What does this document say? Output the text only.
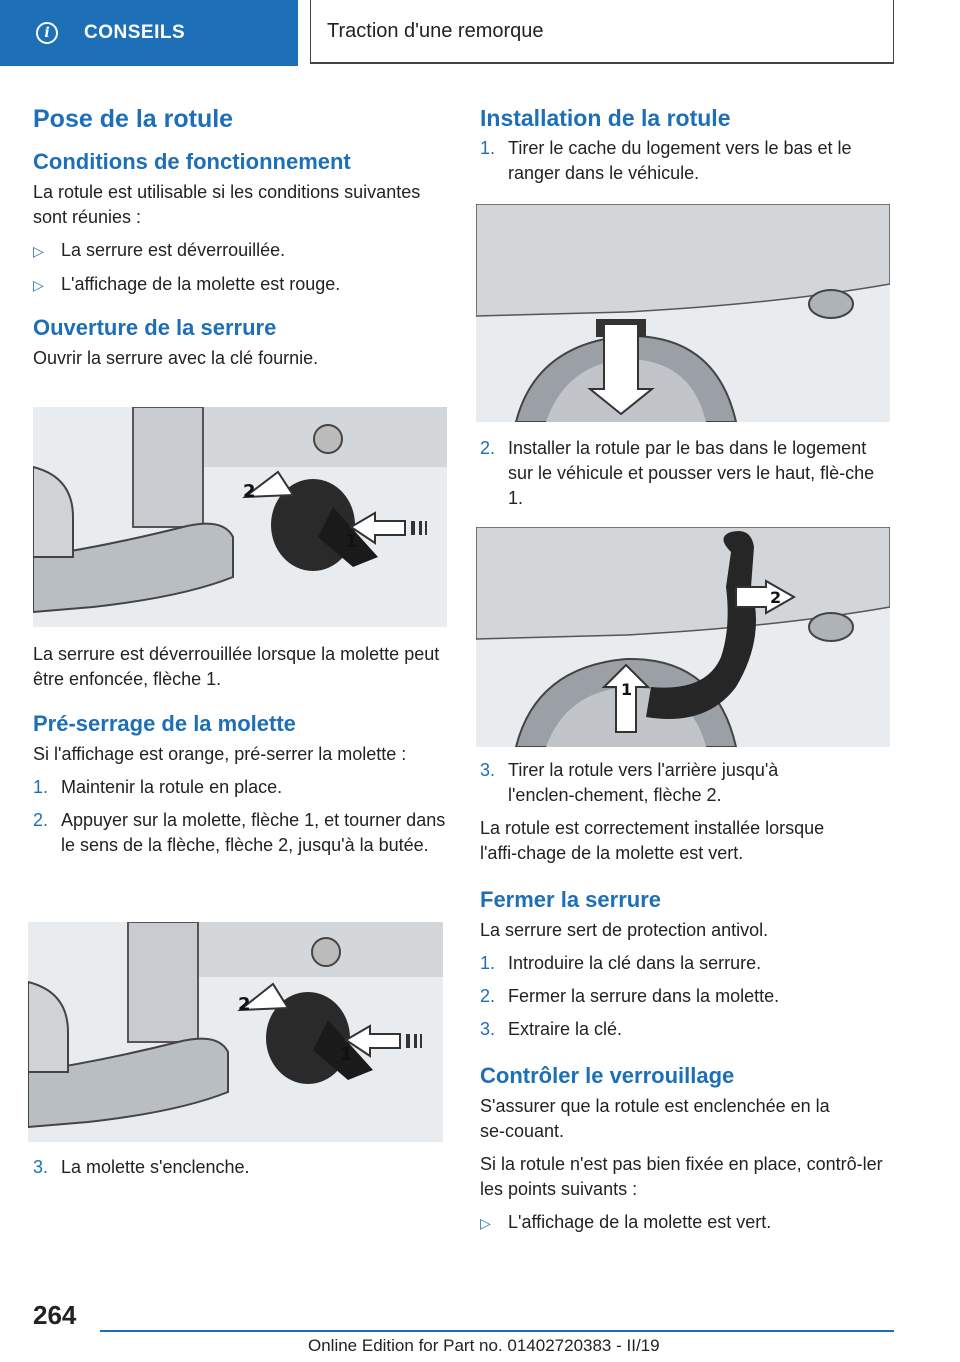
i	CONSEILS	Traction d'une remorque
Pose de la rotule
Conditions de fonctionnement

La rotule est utilisable si les conditions suivantes sont réunies :

▷ La serrure est déverrouillée.
▷ L'affichage de la molette est rouge.
Ouverture de la serrure

Ouvrir la serrure avec la clé fournie.

1
2

La serrure est déverrouillée lorsque la molette peut être enfoncée, flèche 1.

Pré‑serrage de la molette

Si l'affichage est orange, pré‑serrer la molette :

1. Maintenir la rotule en place.
2. Appuyer sur la molette, flèche 1, et tourner dans le sens de la flèche, flèche 2, jusqu'à la butée.
1
2
3. La molette s'enclenche.
Installation de la rotule
1. Tirer le cache du logement vers le bas et le ranger dans le véhicule.
2. Installer la rotule par le bas dans le logement sur le véhicule et pousser vers le haut, flè‑che 1.
2
1
3. Tirer la rotule vers l'arrière jusqu'à l'enclen‑chement, flèche 2.

La rotule est correctement installée lorsque l'affi‑chage de la molette est vert.

Fermer la serrure

La serrure sert de protection antivol.

1. Introduire la clé dans la serrure.
2. Fermer la serrure dans la molette.
3. Extraire la clé.
Contrôler le verrouillage

S'assurer que la rotule est enclenchée en la se‑couant.

Si la rotule n'est pas bien fixée en place, contrô‑ler les points suivants :

▷ L'affichage de la molette est vert.
264
Online Edition for Part no. 01402720383 - II/19
